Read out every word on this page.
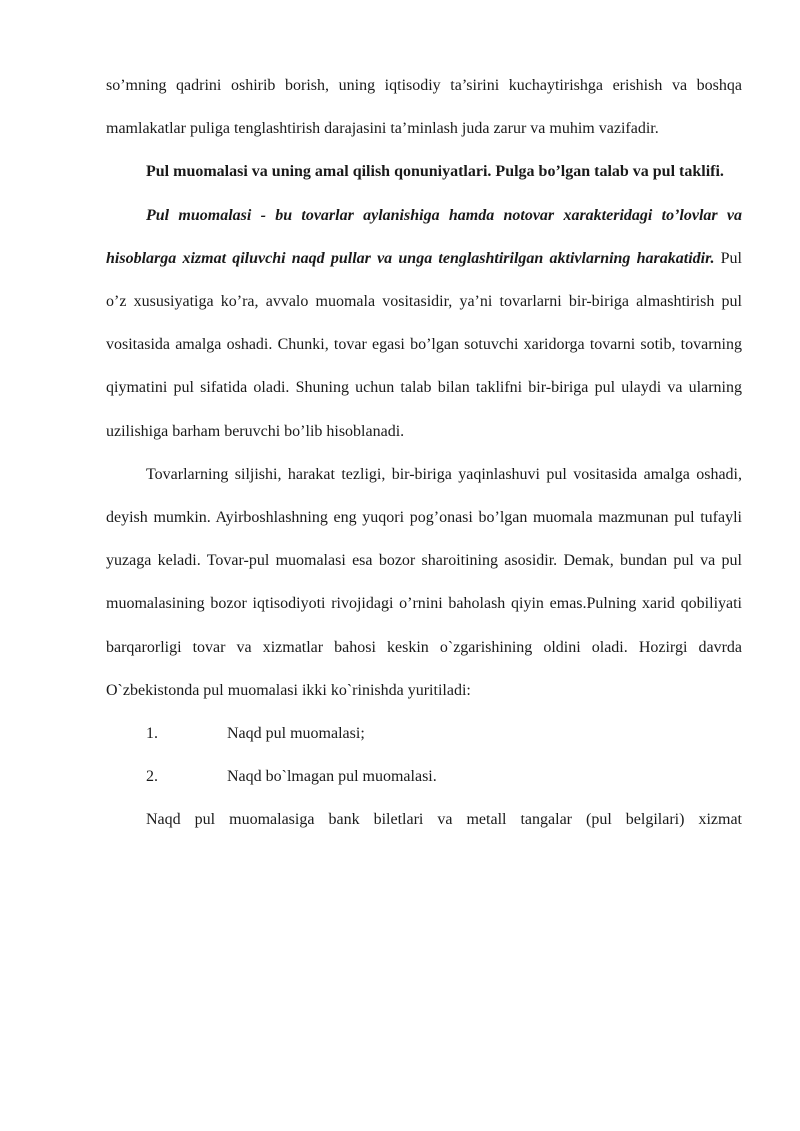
so’mning qadrini oshirib borish, uning iqtisodiy ta’sirini kuchaytirishga erishish va boshqa mamlakatlar puliga tenglashtirish darajasini ta’minlash juda zarur va muhim vazifadir.

Pul muomalasi va uning amal qilish qonuniyatlari. Pulga bo’lgan talab va pul taklifi.

Pul muomalasi - bu tovarlar aylanishiga hamda notovar xarakteridagi to’lovlar va hisoblarga xizmat qiluvchi naqd pullar va unga tenglashtirilgan aktivlarning harakatidir. Pul o’z xususiyatiga ko’ra, avvalo muomala vositasidir, ya’ni tovarlarni bir-biriga almashtirish pul vositasida amalga oshadi. Chunki, tovar egasi bo’lgan sotuvchi xaridorga tovarni sotib, tovarning qiymatini pul sifatida oladi. Shuning uchun talab bilan taklifni bir-biriga pul ulaydi va ularning uzilishiga barham beruvchi bo’lib hisoblanadi.

Tovarlarning siljishi, harakat tezligi, bir-biriga yaqinlashuvi pul vositasida amalga oshadi, deyish mumkin. Ayirboshlashning eng yuqori pog’onasi bo’lgan muomala mazmunan pul tufayli yuzaga keladi. Tovar-pul muomalasi esa bozor sharoitining asosidir. Demak, bundan pul va pul muomalasining bozor iqtisodiyoti rivojidagi o’rnini baholash qiyin emas.Pulning xarid qobiliyati barqarorligi tovar va xizmatlar bahosi keskin o`zgarishining oldini oladi. Hozirgi davrda O`zbekistonda pul muomalasi ikki ko`rinishda yuritiladi:

1.	Naqd pul muomalasi;
2.	Naqd bo`lmagan pul muomalasi.

Naqd pul muomalasiga bank biletlari va metall tangalar (pul belgilari) xizmat
